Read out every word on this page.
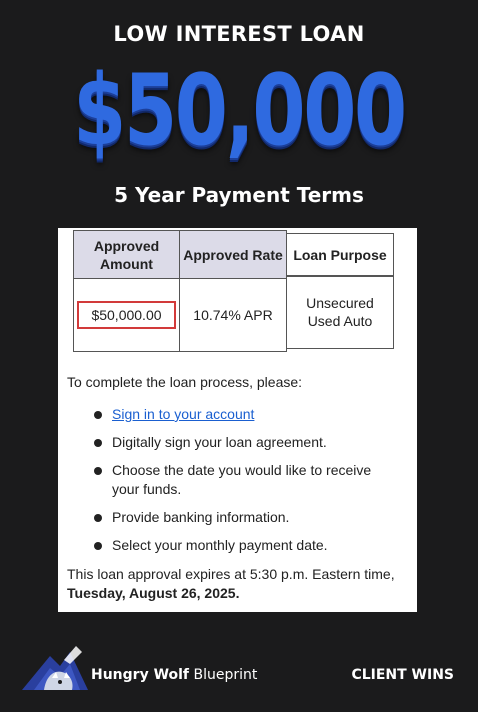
LOW INTEREST LOAN
$50,000
5 Year Payment Terms
Approved Amount
Approved Rate Loan Purpose
$50,000.00	10.74% APR
Unsecured Used Auto
To complete the loan process, please:
Sign in to your account
Digitally sign your loan agreement.
Choose the date you would like to receive your funds.
Provide banking information.
Select your monthly payment date.
This loan approval expires at 5:30 p.m. Eastern time,
Tuesday, August 26, 2025.
Hungry Wolf Blueprint	CLIENT WINS
